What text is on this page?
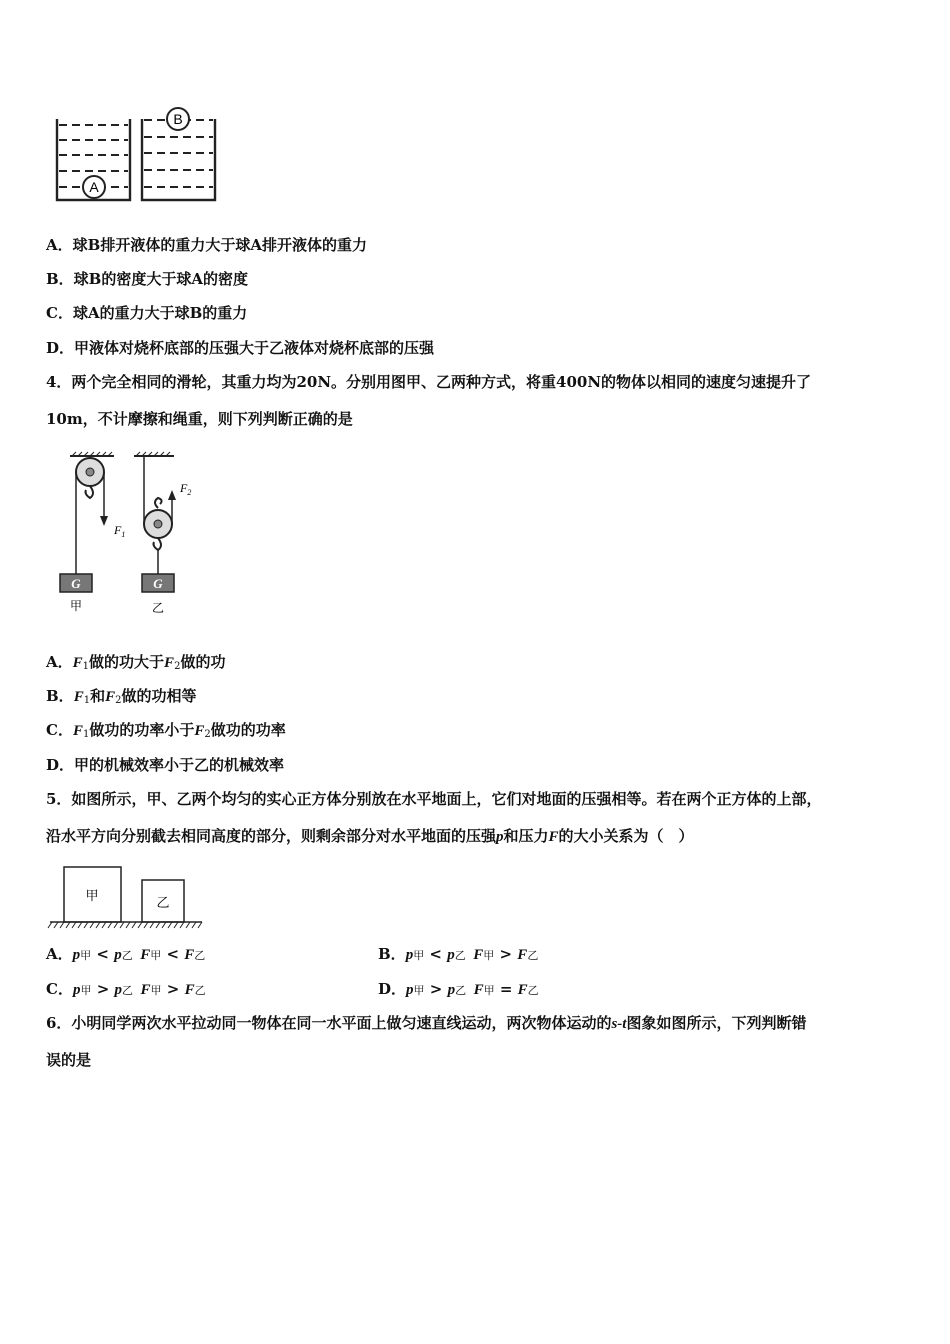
A
B
A．球B排开液体的重力大于球A排开液体的重力
B．球B的密度大于球A的密度
C．球A的重力大于球B的重力
D．甲液体对烧杯底部的压强大于乙液体对烧杯底部的压强
4．两个完全相同的滑轮，其重力均为20N。分别用图甲、乙两种方式，将重400N的物体以相同的速度匀速提升了
10m，不计摩擦和绳重，则下列判断正确的是
$F_1$
G
甲
$F_2$
G
乙
A．$F_1$做的功大于$F_2$做的功
B．$F_1$和$F_2$做的功相等
C．$F_1$做功的功率小于$F_2$做功的功率
D．甲的机械效率小于乙的机械效率
5．如图所示，甲、乙两个均匀的实心正方体分别放在水平地面上，它们对地面的压强相等。若在两个正方体的上部，
沿水平方向分别截去相同高度的部分，则剩余部分对水平地面的压强p和压力F的大小关系为（　）
甲	乙
A．p甲 < p乙  F甲 < F乙	B．p甲 < p乙  F甲 > F乙
C．p甲 > p乙  F甲 > F乙	D．p甲 > p乙  F甲 = F乙
6．小明同学两次水平拉动同一物体在同一水平面上做匀速直线运动，两次物体运动的s-t图象如图所示，下列判断错
误的是
